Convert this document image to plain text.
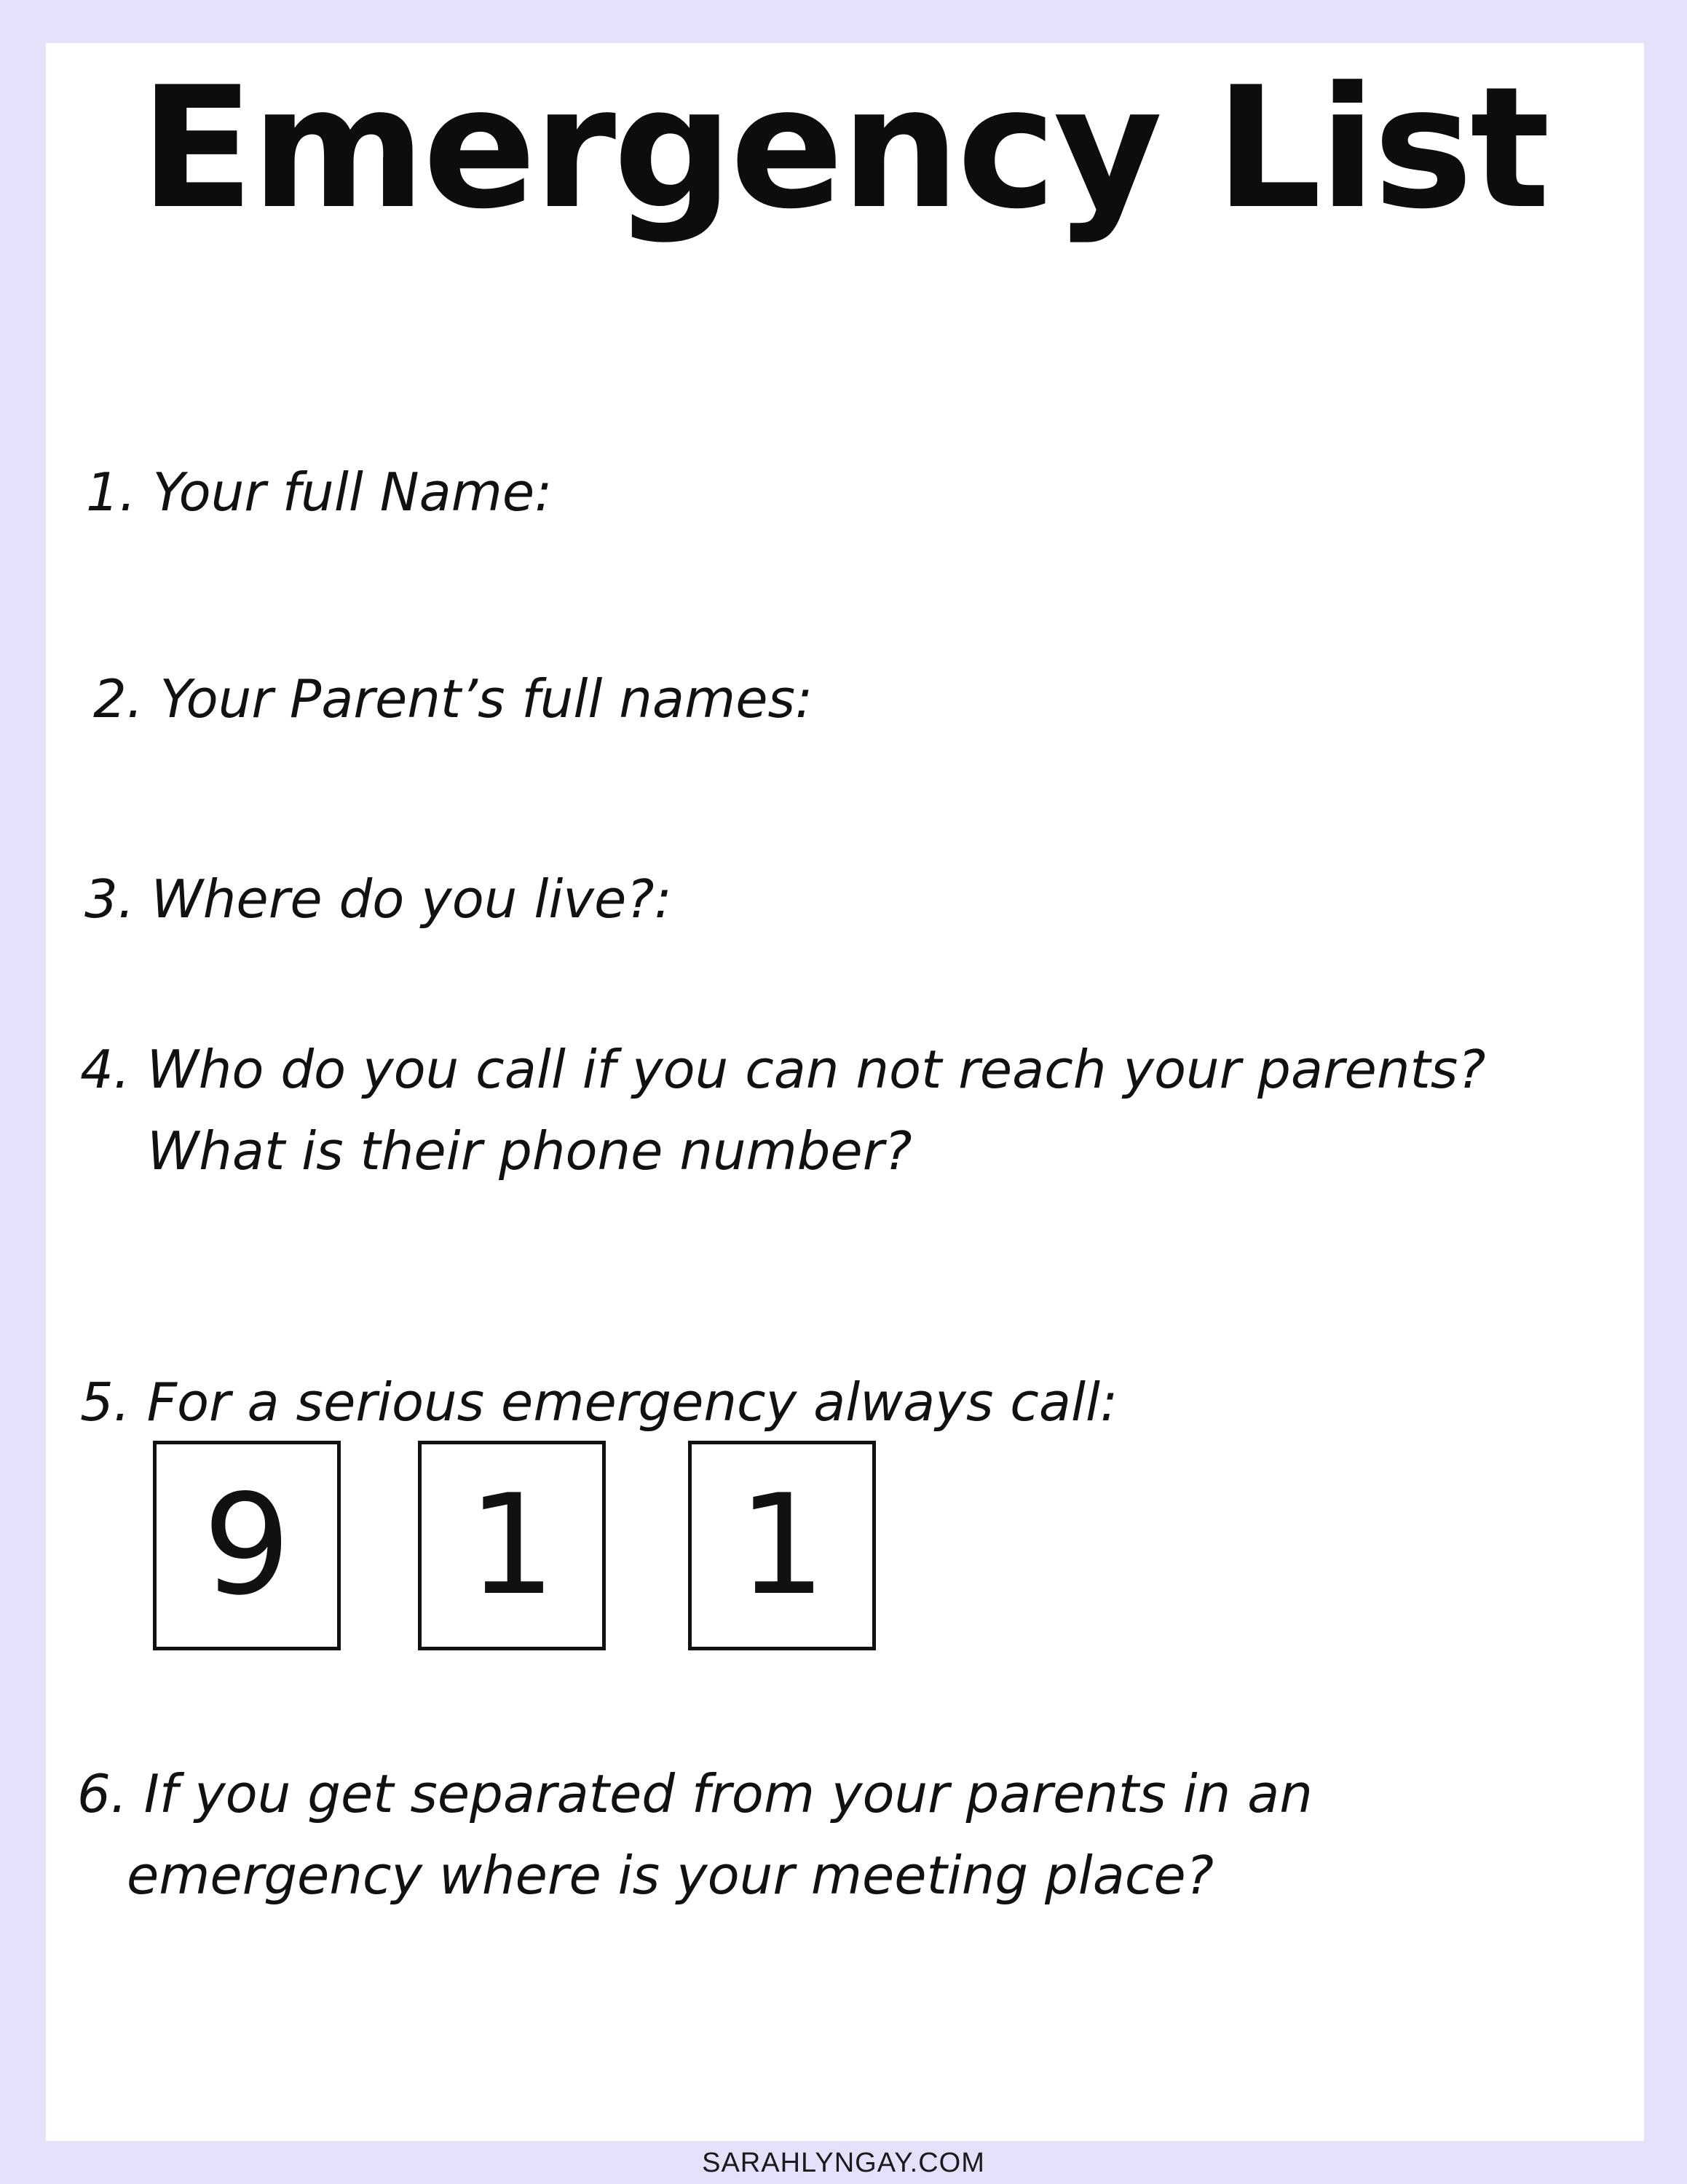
Emergency List
1. Your full Name:
2. Your Parent’s full names:
3. Where do you live?:
4. Who do you call if you can not reach your parents?
What is their phone number?
5. For a serious emergency always call:
9	1	1
6. If you get separated from your parents in an
emergency where is your meeting place?
SARAHLYNGAY.COM
